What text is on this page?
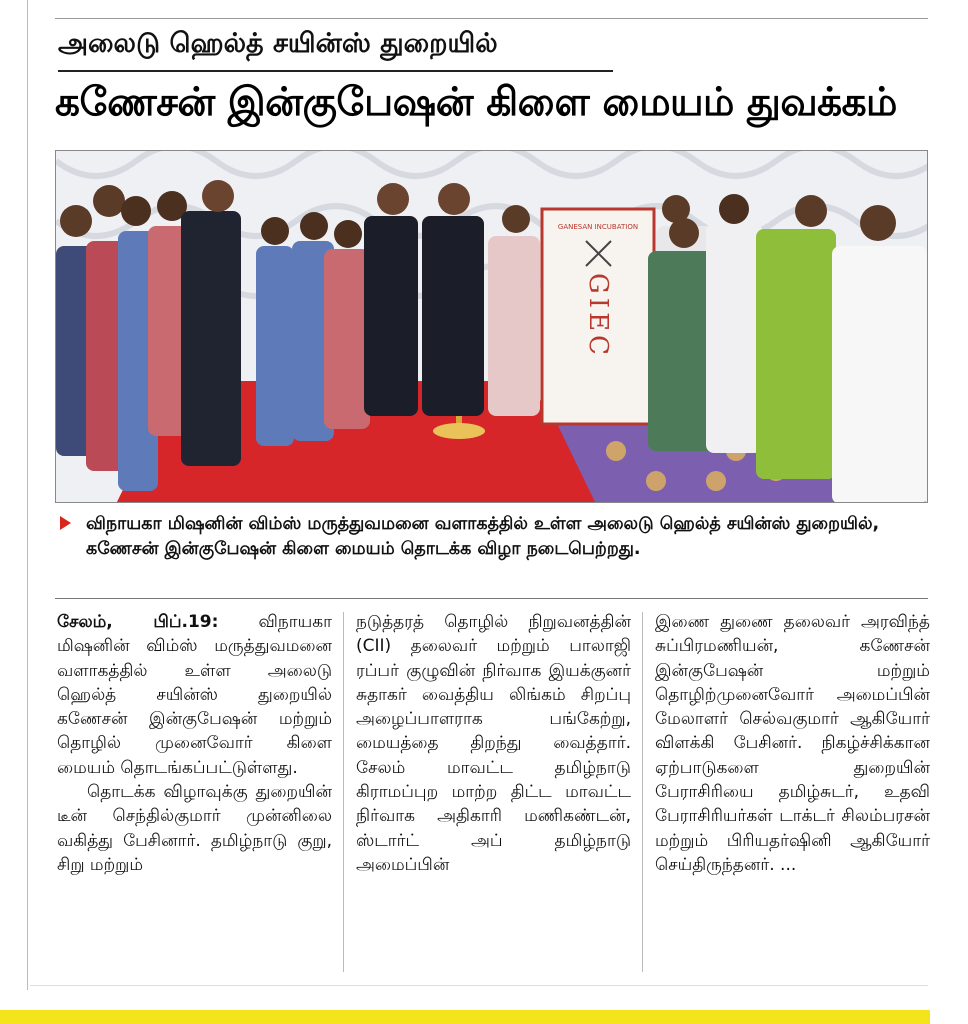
அலைடு ஹெல்த் சயின்ஸ் துறையில்
கணேசன் இன்குபேஷன் கிளை மையம் துவக்கம்
GANESAN INCUBATION
GIEC
விநாயகா மிஷனின் விம்ஸ் மருத்துவமனை வளாகத்தில் உள்ள அலைடு ஹெல்த் சயின்ஸ் துறையில், கணேசன் இன்குபேஷன் கிளை மையம் தொடக்க விழா நடைபெற்றது.

சேலம், பிப்.19: விநாயகா மிஷனின் விம்ஸ் மருத்துவமனை வளாகத்தில் உள்ள அலைடு ஹெல்த் சயின்ஸ் துறையில் கணேசன் இன்குபேஷன் மற்றும் தொழில் முனைவோர் கிளை மையம் தொடங்கப்பட்டுள்ளது.

தொடக்க விழாவுக்கு துறையின் டீன் செந்தில்குமார் முன்னிலை வகித்து பேசினார். தமிழ்நாடு குறு, சிறு மற்றும்

நடுத்தரத் தொழில் நிறுவனத்தின் (CII) தலைவர் மற்றும் பாலாஜி ரப்பர் குழுவின் நிர்வாக இயக்குனர் சுதாகர் வைத்திய லிங்கம் சிறப்பு அழைப்பாளராக பங்கேற்று, மையத்தை திறந்து வைத்தார். சேலம் மாவட்ட தமிழ்நாடு கிராமப்புற மாற்ற திட்ட மாவட்ட நிர்வாக அதிகாரி மணிகண்டன், ஸ்டார்ட் அப் தமிழ்நாடு அமைப்பின்
இணை துணை தலைவர் அரவிந்த் சுப்பிரமணியன், கணேசன் இன்குபேஷன் மற்றும் தொழிற்முனைவோர் அமைப்பின் மேலாளர் செல்வகுமார் ஆகியோர் விளக்கி பேசினர். நிகழ்ச்சிக்கான ஏற்பாடுகளை துறையின் பேராசிரியை தமிழ்சுடர், உதவி பேராசிரியர்கள் டாக்டர் சிலம்பரசன் மற்றும் பிரியதர்ஷினி ஆகியோர் செய்திருந்தனர். ...
